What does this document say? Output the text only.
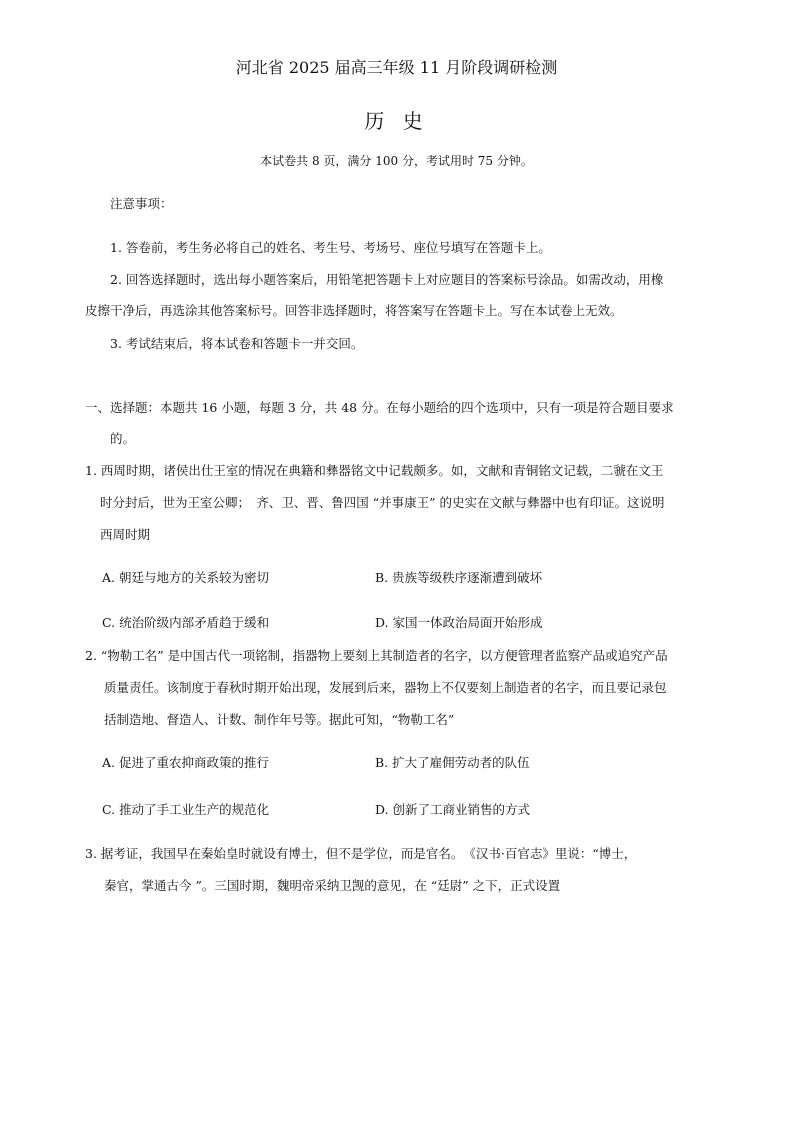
河北省 2025 届高三年级 11 月阶段调研检测
历 史
本试卷共 8 页，满分 100 分，考试用时 75 分钟。
注意事项：
1. 答卷前，考生务必将自己的姓名、考生号、考场号、座位号填写在答题卡上。
2. 回答选择题时，选出每小题答案后，用铅笔把答题卡上对应题目的答案标号涂品。如需改动，用橡
皮擦干净后，再选涂其他答案标号。回答非选择题时，将答案写在答题卡上。写在本试卷上无效。
3. 考试结束后，将本试卷和答题卡一并交回。
一、选择题：本题共 16 小题，每题 3 分，共 48 分。在每小题给的四个选项中，只有一项是符合题目要求
的。
1. 西周时期，诸侯出仕王室的情况在典籍和彝器铭文中记载颇多。如，文献和青铜铭文记载，二虢在文王
时分封后，世为王室公卿；　齐、卫、晋、鲁四国 “并事康王” 的史实在文献与彝器中也有印证。这说明
西周时期
A. 朝廷与地方的关系较为密切	B. 贵族等级秩序逐渐遭到破坏
C. 统治阶级内部矛盾趋于缓和	D. 家国一体政治局面开始形成
2. “物勒工名” 是中国古代一项铭制，指器物上要刻上其制造者的名字，以方便管理者监察产品或追究产品
质量责任。该制度于春秋时期开始出现，发展到后来，器物上不仅要刻上制造者的名字，而且要记录包
括制造地、督造人、计数、制作年号等。据此可知，“物勒工名”
A. 促进了重农抑商政策的推行	B. 扩大了雇佣劳动者的队伍
C. 推动了手工业生产的规范化	D. 创新了工商业销售的方式
3. 据考证，我国早在秦始皇时就设有博士，但不是学位，而是官名。　《汉书·百官志》里说：“博士，
秦官，掌通古今 ”。三国时期，魏明帝采纳卫觊的意见，在 “廷尉” 之下，正式设置
